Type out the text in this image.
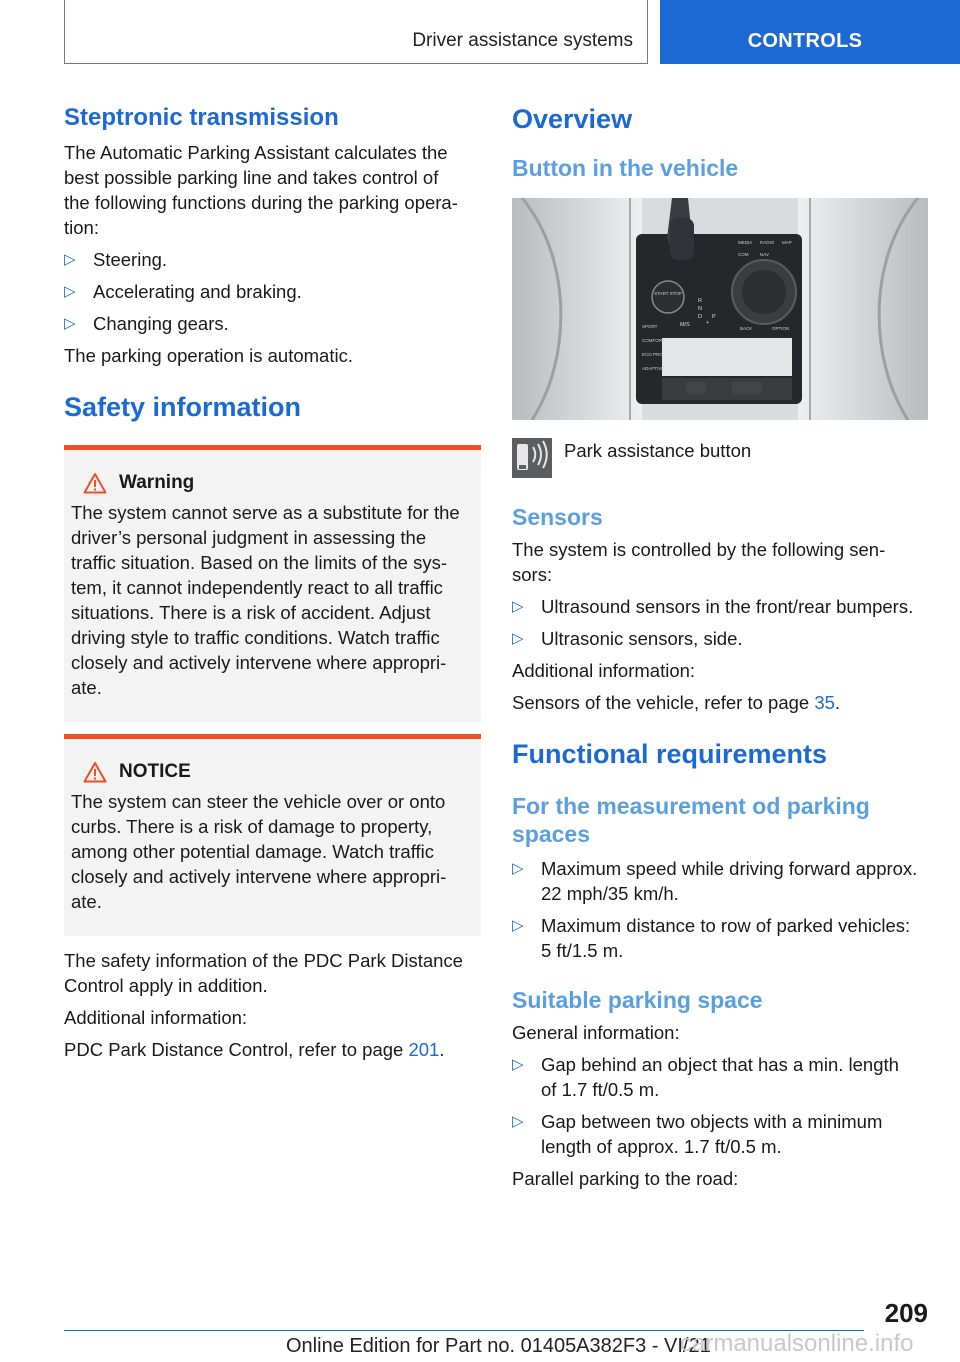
Driver assistance systems	CONTROLS
Steptronic transmission

The Automatic Parking Assistant calculates the

best possible parking line and takes control of

the following functions during the parking opera-

tion:

▷ Steering.
▷ Accelerating and braking.
▷ Changing gears.

The parking operation is automatic.

Safety information
Warning

The system cannot serve as a substitute for the

driver’s personal judgment in assessing the

traffic situation. Based on the limits of the sys-

tem, it cannot independently react to all traffic

situations. There is a risk of accident. Adjust

driving style to traffic conditions. Watch traffic

closely and actively intervene where appropri-

ate.

NOTICE

The system can steer the vehicle over or onto

curbs. There is a risk of damage to property,

among other potential damage. Watch traffic

closely and actively intervene where appropri-

ate.

The safety information of the PDC Park Distance

Control apply in addition.

Additional information:

PDC Park Distance Control, refer to page 201.

Overview
Button in the vehicle
START STOP
SPORT
COMFORT
ECO PRO
ADAPTIVE
MEDIA RADIO
COM	NAV
MAP
BACK	OPTION
R
N
D
M/S	+
P
Park assistance button
Sensors

The system is controlled by the following sen-

sors:

▷ Ultrasound sensors in the front/rear bumpers.
▷ Ultrasonic sensors, side.

Additional information:

Sensors of the vehicle, refer to page 35.

Functional requirements
For the measurement od parking
spaces
▷ Maximum speed while driving forward approx.
22 mph/35 km/h.
▷ Maximum distance to row of parked vehicles:
5 ft/1.5 m.
Suitable parking space

General information:

▷ Gap behind an object that has a min. length
of 1.7 ft/0.5 m.
▷ Gap between two objects with a minimum
length of approx. 1.7 ft/0.5 m.

Parallel parking to the road:

209
Online Edition for Part no. 01405A382F3 - VI/21
carmanualsonline.info
